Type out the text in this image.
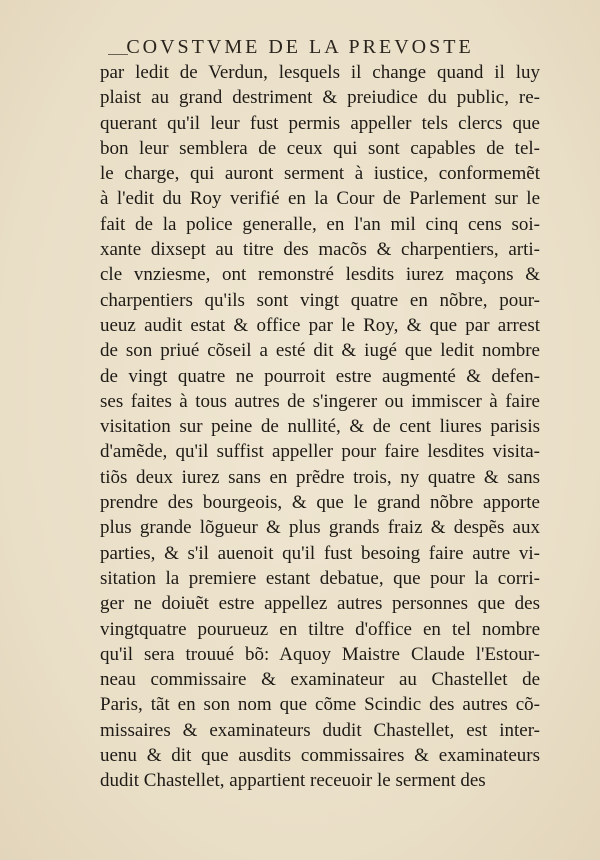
COVSTVME DE LA PREVOSTE
par ledit de Verdun, lesquels il change quand il luy
plaist au grand destriment & preiudice du public, re-
querant qu'il leur fust permis appeller tels clercs que
bon leur semblera de ceux qui sont capables de tel-
le charge, qui auront serment à iustice, conformemẽt
à l'edit du Roy verifié en la Cour de Parlement sur le
fait de la police generalle, en l'an mil cinq cens soi-
xante dixsept au titre des macõs & charpentiers, arti-
cle vnziesme, ont remonstré lesdits iurez maçons &
charpentiers qu'ils sont vingt quatre en nõbre, pour-
ueuz audit estat & office par le Roy, & que par arrest
de son priué cõseil a esté dit & iugé que ledit nombre
de vingt quatre ne pourroit estre augmenté & defen-
ses faites à tous autres de s'ingerer ou immiscer à faire
visitation sur peine de nullité, & de cent liures parisis
d'amẽde, qu'il suffist appeller pour faire lesdites visita-
tiõs deux iurez sans en prẽdre trois, ny quatre & sans
prendre des bourgeois, & que le grand nõbre apporte
plus grande lõgueur & plus grands fraiz & despẽs aux
parties, & s'il auenoit qu'il fust besoing faire autre vi-
sitation la premiere estant debatue, que pour la corri-
ger ne doiuẽt estre appellez autres personnes que des
vingtquatre pourueuz en tiltre d'office en tel nombre
qu'il sera trouué bõ: Aquoy Maistre Claude l'Estour-
neau commissaire & examinateur au Chastellet de
Paris, tãt en son nom que cõme Scindic des autres cõ-
missaires & examinateurs dudit Chastellet, est inter-
uenu & dit que ausdits commissaires & examinateurs
dudit Chastellet, appartient receuoir le serment des
